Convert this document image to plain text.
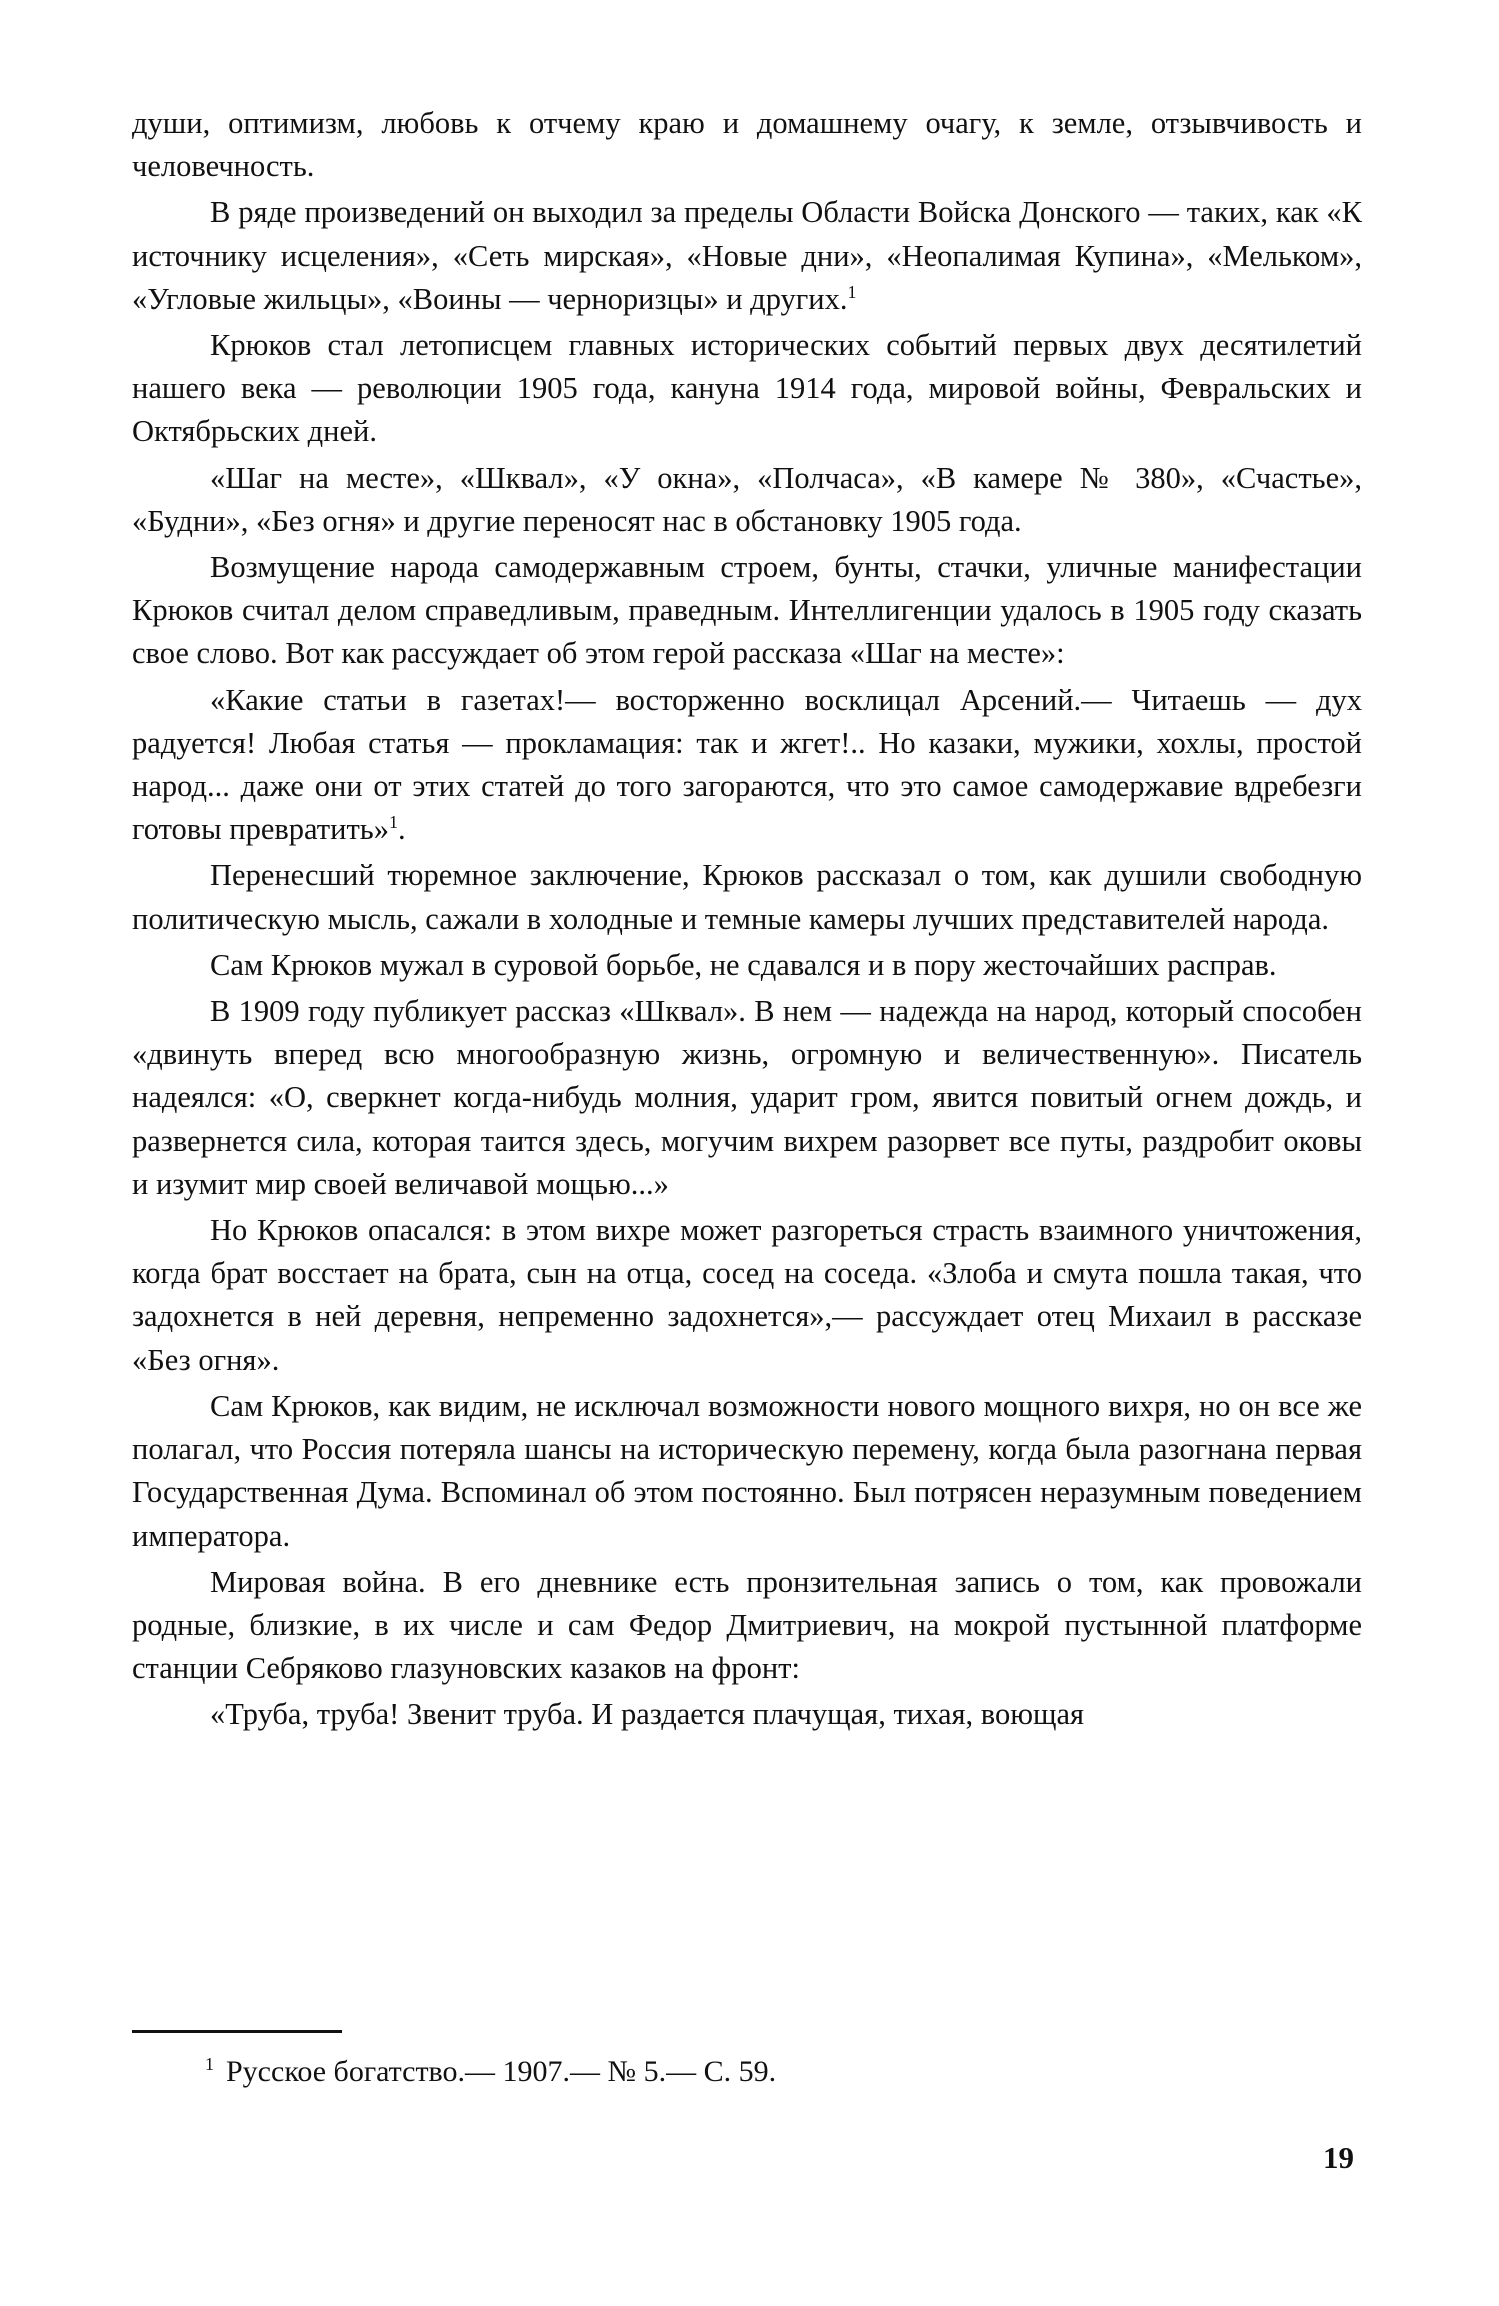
души, оптимизм, любовь к отчему краю и домашнему очагу, к земле, отзывчивость и человечность.

В ряде произведений он выходил за пределы Области Войска Донского — таких, как «К источнику исцеления», «Сеть мирская», «Новые дни», «Неопалимая Купина», «Мельком», «Угловые жильцы», «Воины — черноризцы» и других.$^1$

Крюков стал летописцем главных исторических событий первых двух десятилетий нашего века — революции 1905 года, кануна 1914 года, мировой войны, Февральских и Октябрьских дней.

«Шаг на месте», «Шквал», «У окна», «Полчаса», «В камере № 380», «Счастье», «Будни», «Без огня» и другие переносят нас в обстановку 1905 года.

Возмущение народа самодержавным строем, бунты, стачки, уличные манифестации Крюков считал делом справедливым, праведным. Интеллигенции удалось в 1905 году сказать свое слово. Вот как рассуждает об этом герой рассказа «Шаг на месте»:

«Какие статьи в газетах!— восторженно восклицал Арсений.— Читаешь — дух радуется! Любая статья — прокламация: так и жгет!.. Но казаки, мужики, хохлы, простой народ... даже они от этих статей до того загораются, что это самое самодержавие вдребезги готовы превратить»$^1$.

Перенесший тюремное заключение, Крюков рассказал о том, как душили свободную политическую мысль, сажали в холодные и темные камеры лучших представителей народа.

Сам Крюков мужал в суровой борьбе, не сдавался и в пору жесточайших расправ.

В 1909 году публикует рассказ «Шквал». В нем — надежда на народ, который способен «двинуть вперед всю многообразную жизнь, огромную и величественную». Писатель надеялся: «О, сверкнет когда-нибудь молния, ударит гром, явится повитый огнем дождь, и развернется сила, которая таится здесь, могучим вихрем разорвет все путы, раздробит оковы и изумит мир своей величавой мощью...»

Но Крюков опасался: в этом вихре может разгореться страсть взаимного уничтожения, когда брат восстает на брата, сын на отца, сосед на соседа. «Злоба и смута пошла такая, что задохнется в ней деревня, непременно задохнется»,— рассуждает отец Михаил в рассказе «Без огня».

Сам Крюков, как видим, не исключал возможности нового мощного вихря, но он все же полагал, что Россия потеряла шансы на историческую перемену, когда была разогнана первая Государственная Дума. Вспоминал об этом постоянно. Был потрясен неразумным поведением императора.

Мировая война. В его дневнике есть пронзительная запись о том, как провожали родные, близкие, в их числе и сам Федор Дмитриевич, на мокрой пустынной платформе станции Себряково глазуновских казаков на фронт:

«Труба, труба! Звенит труба. И раздается плачущая, тихая, воющая

$^1$ Русское богатство.— 1907.— № 5.— С. 59.

19
